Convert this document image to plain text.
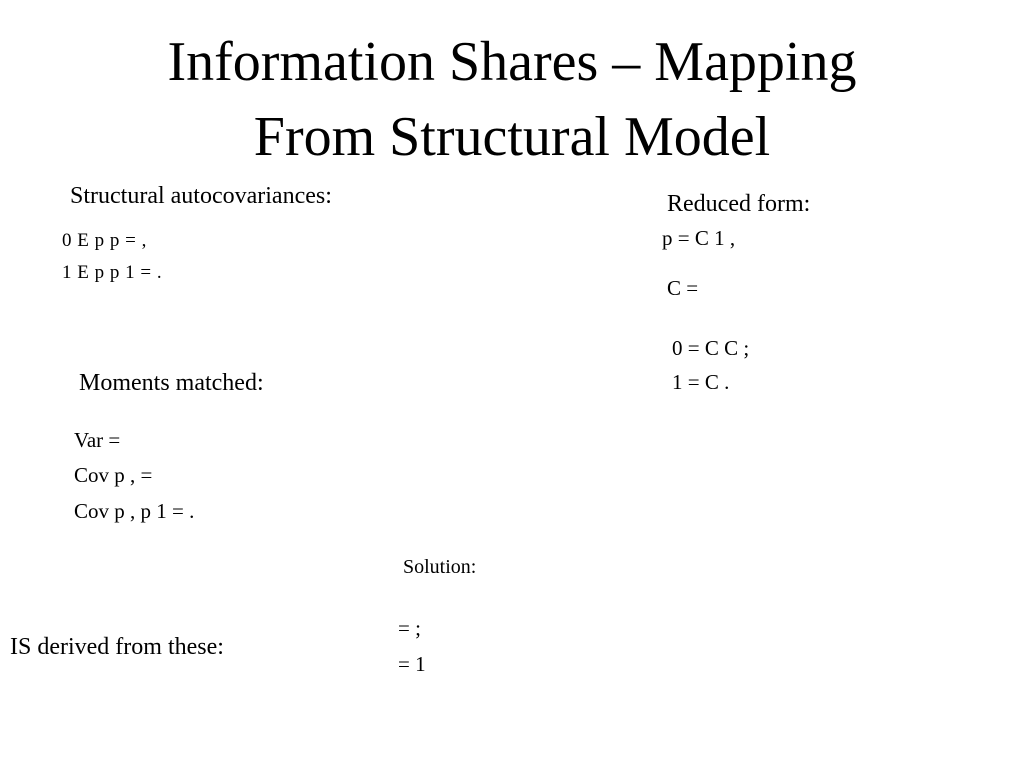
Information Shares – Mapping
From Structural Model
Structural autocovariances:
0 E p p = ,
1 E p p 1 = .
Reduced form:
p = C 1 ,
C =
0 = C C ;
1 = C .
Moments matched:
Var =
Cov p , =
Cov p , p 1 = .
Solution:
= ;
= 1
IS derived from these:
